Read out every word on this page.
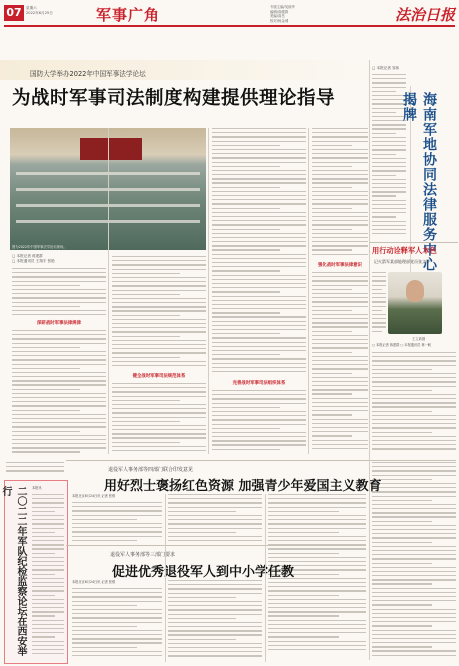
07	星期六
2022年6月25日	军事广角	专版主编/吴琼华
编辑/高健群
美编/高岳
校对/杨金城	法治日报
国防大学举办2022年中国军事法学论坛
为战时军事司法制度构建提供理论指导
图为2022年中国军事法学论坛现场。
□ 本报记者 蒋建群
□ 本报通讯员 王翔宇 张艳
深研战时军事法律规律
健全战时军事司法规范体系
完善战时军事司法组织体系
强化战时军事法律意识
□ 本报记者 邹伟
海南军地协同法律服务中心揭牌
用行动诠释军人本色
记火箭军某部能理部党员张文评
王立新摄
□ 本报记者 蒋建群 □ 本报通讯员 林一帆
二〇二二年军队纪检监察论坛在西安举行	本报讯
退役军人事务部等四部门联合印发意见
用好烈士褒扬红色资源 加强青少年爱国主义教育
本报北京6月24日讯 记者 张维
退役军人事务部等三部门要求
促进优秀退役军人到中小学任教
本报北京6月24日讯 记者 张维
